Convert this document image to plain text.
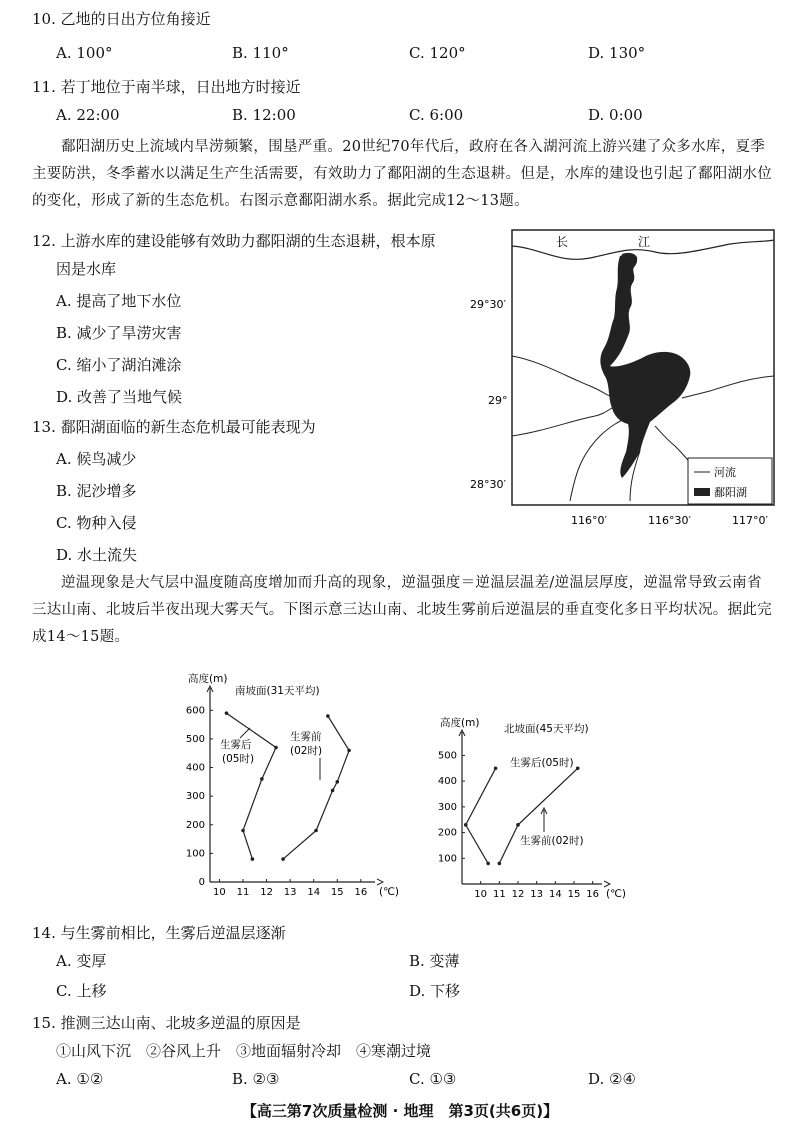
10. 乙地的日出方位角接近
A. 100°	B. 110°	C. 120°	D. 130°
11. 若丁地位于南半球，日出地方时接近
A. 22:00	B. 12:00	C. 6:00	D. 0:00
鄱阳湖历史上流域内旱涝频繁，围垦严重。20世纪70年代后，政府在各入湖河流上游兴建了众多水库，夏季主要防洪，冬季蓄水以满足生产生活需要，有效助力了鄱阳湖的生态退耕。但是，水库的建设也引起了鄱阳湖水位的变化，形成了新的生态危机。右图示意鄱阳湖水系。据此完成12～13题。
12. 上游水库的建设能够有效助力鄱阳湖的生态退耕，根本原
因是水库
A. 提高了地下水位
B. 减少了旱涝灾害
C. 缩小了湖泊滩涂
D. 改善了当地气候
13. 鄱阳湖面临的新生态危机最可能表现为
A. 候鸟减少
B. 泥沙增多
C. 物种入侵
D. 水土流失
长	江
29°30′
29°
28°30′
116°0′	116°30′	117°0′
河流
鄱阳湖
逆温现象是大气层中温度随高度增加而升高的现象，逆温强度＝逆温层温差/逆温层厚度，逆温常导致云南省三达山南、北坡后半夜出现大雾天气。下图示意三达山南、北坡生雾前后逆温层的垂直变化多日平均状况。据此完成14～15题。
10 11 12 13 14 15 16
0
100
200
300
400
500
600
高度(m)
(℃)
南坡面(31天平均)
生雾后
(05时)
生雾前
(02时)
10 11 12 13 14 15 16
100
200
300
400
500
高度(m)
(℃)
北坡面(45天平均)
生雾后(05时)
生雾前(02时)
14. 与生雾前相比，生雾后逆温层逐渐
A. 变厚	B. 变薄
C. 上移	D. 下移
15. 推测三达山南、北坡多逆温的原因是
①山风下沉　②谷风上升　③地面辐射冷却　④寒潮过境
A. ①②	B. ②③	C. ①③	D. ②④
【高三第7次质量检测 · 地理　第3页(共6页)】
